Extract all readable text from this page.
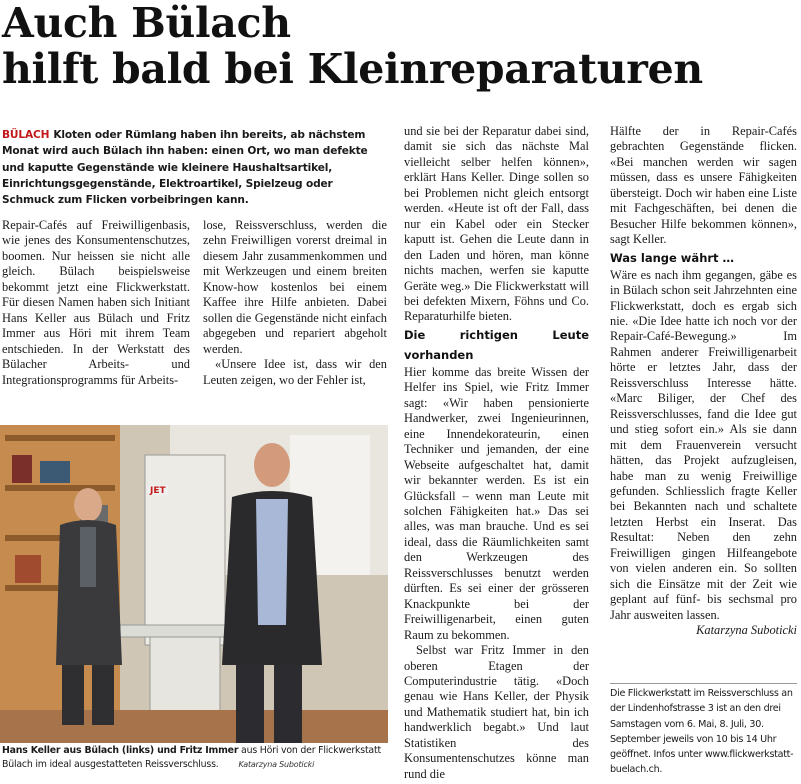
Auch Bülach
hilft bald bei Kleinreparaturen
BÜLACH Kloten oder Rümlang haben ihn bereits, ab nächstem Monat wird auch Bülach ihn haben: einen Ort, wo man defekte und kaputte Gegenstände wie kleinere Haushaltsartikel, Einrichtungsgegenstände, Elektroartikel, Spielzeug oder Schmuck zum Flicken vorbeibringen kann.

Repair-Cafés auf Freiwilligenbasis, wie jenes des Konsumentenschutzes, boomen. Nur heissen sie nicht alle gleich. Bülach beispielsweise bekommt jetzt eine Flickwerkstatt. Für diesen Namen haben sich Initiant Hans Keller aus Bülach und Fritz Immer aus Höri mit ihrem Team entschieden. In der Werkstatt des Bülacher Arbeits- und Integrationsprogramms für Arbeits-

lose, Reissverschluss, werden die zehn Freiwilligen vorerst dreimal in diesem Jahr zusammenkommen und mit Werkzeugen und einem breiten Know-how kostenlos bei einem Kaffee ihre Hilfe anbieten. Dabei sollen die Gegenstände nicht einfach abgegeben und repariert abgeholt werden.

«Unsere Idee ist, dass wir den Leuten zeigen, wo der Fehler ist,

und sie bei der Reparatur dabei sind, damit sie sich das nächste Mal vielleicht selber helfen können», erklärt Hans Keller. Dinge sollen so bei Problemen nicht gleich entsorgt werden. «Heute ist oft der Fall, dass nur ein Kabel oder ein Stecker kaputt ist. Gehen die Leute dann in den Laden und hören, man könne nichts machen, werfen sie kaputte Geräte weg.» Die Flickwerkstatt will bei defekten Mixern, Föhns und Co. Reparaturhilfe bieten.

Die richtigen Leute vorhanden

Hier komme das breite Wissen der Helfer ins Spiel, wie Fritz Immer sagt: «Wir haben pensionierte Handwerker, zwei Ingenieurinnen, eine Innendekorateurin, einen Techniker und jemanden, der eine Webseite aufgeschaltet hat, damit wir bekannter werden. Es ist ein Glücksfall – wenn man Leute mit solchen Fähigkeiten hat.» Das sei alles, was man brauche. Und es sei ideal, dass die Räumlichkeiten samt den Werkzeugen des Reissverschlusses benutzt werden dürften. Es sei einer der grösseren Knackpunkte bei der Freiwilligenarbeit, einen guten Raum zu bekommen.

Selbst war Fritz Immer in den oberen Etagen der Computerindustrie tätig. «Doch genau wie Hans Keller, der Physik und Mathematik studiert hat, bin ich handwerklich begabt.» Und laut Statistiken des Konsumentenschutzes könne man rund die

Hälfte der in Repair-Cafés gebrachten Gegenstände flicken. «Bei manchen werden wir sagen müssen, dass es unsere Fähigkeiten übersteigt. Doch wir haben eine Liste mit Fachgeschäften, bei denen die Besucher Hilfe bekommen können», sagt Keller.

Was lange währt …

Wäre es nach ihm gegangen, gäbe es in Bülach schon seit Jahrzehnten eine Flickwerkstatt, doch es ergab sich nie. «Die Idee hatte ich noch vor der Repair-Café-Bewegung.» Im Rahmen anderer Freiwilligenarbeit hörte er letztes Jahr, dass der Reissverschluss Interesse hätte. «Marc Biliger, der Chef des Reissverschlusses, fand die Idee gut und stieg sofort ein.» Als sie dann mit dem Frauenverein versucht hätten, das Projekt aufzugleisen, habe man zu wenig Freiwillige gefunden. Schliesslich fragte Keller bei Bekannten nach und schaltete letzten Herbst ein Inserat. Das Resultat: Neben den zehn Freiwilligen gingen Hilfeangebote von vielen anderen ein. So sollten sich die Einsätze mit der Zeit wie geplant auf fünf- bis sechsmal pro Jahr ausweiten lassen.

Katarzyna Suboticki

JET
Hans Keller aus Bülach (links) und Fritz Immer aus Höri von der Flickwerkstatt Bülach im ideal ausgestatteten Reissverschluss.	Katarzyna Suboticki
Die Flickwerkstatt im Reissverschluss an der Lindenhofstrasse 3 ist an den drei Samstagen vom 6. Mai, 8. Juli, 30. September jeweils von 10 bis 14 Uhr geöffnet. Infos unter www.flickwerkstatt-buelach.ch.
